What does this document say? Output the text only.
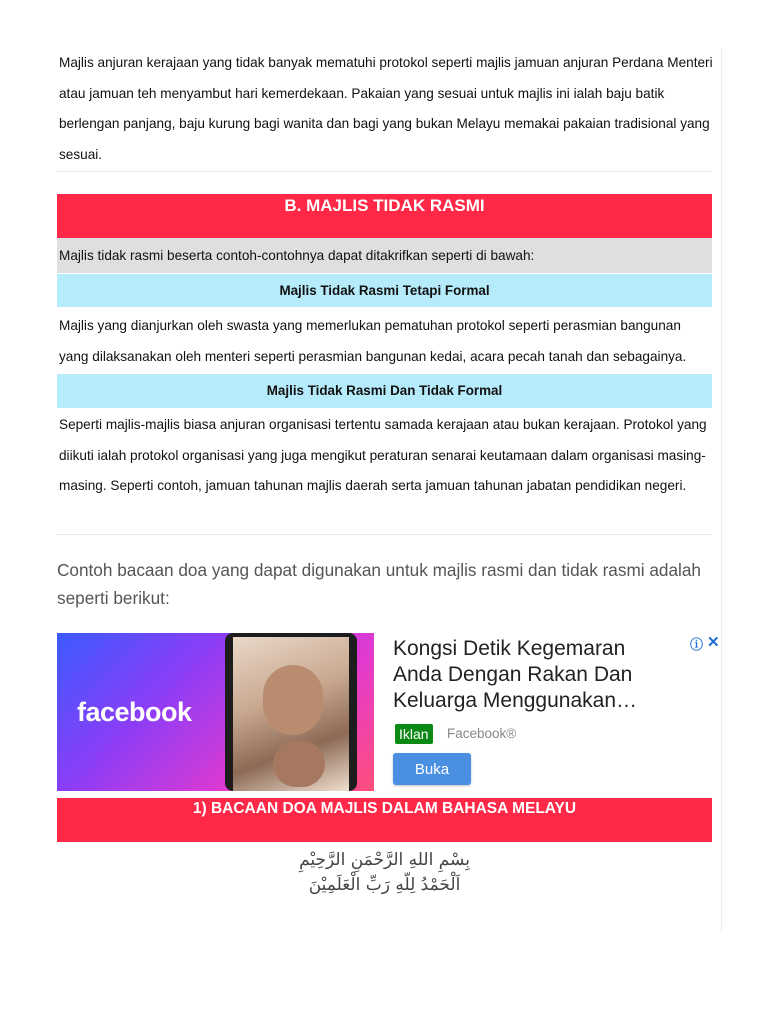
Majlis anjuran kerajaan yang tidak banyak mematuhi protokol seperti majlis jamuan anjuran Perdana Menteri atau jamuan teh menyambut hari kemerdekaan. Pakaian yang sesuai untuk majlis ini ialah baju batik berlengan panjang, baju kurung bagi wanita dan bagi yang bukan Melayu memakai pakaian tradisional yang sesuai.

B. MAJLIS TIDAK RASMI
Majlis tidak rasmi beserta contoh-contohnya dapat ditakrifkan seperti di bawah:
Majlis Tidak Rasmi Tetapi Formal

Majlis yang dianjurkan oleh swasta yang memerlukan pematuhan protokol seperti perasmian bangunan yang dilaksanakan oleh menteri seperti perasmian bangunan kedai, acara pecah tanah dan sebagainya.

Majlis Tidak Rasmi Dan Tidak Formal

Seperti majlis-majlis biasa anjuran organisasi tertentu samada kerajaan atau bukan kerajaan. Protokol yang diikuti ialah protokol organisasi yang juga mengikut peraturan senarai keutamaan dalam organisasi masing-masing. Seperti contoh, jamuan tahunan majlis daerah serta jamuan tahunan jabatan pendidikan negeri.

Contoh bacaan doa yang dapat digunakan untuk majlis rasmi dan tidak rasmi adalah seperti berikut:
facebook
Kongsi Detik Kegemaran Anda Dengan Rakan Dan Keluarga Menggunakan…
Iklan Facebook®
Buka
ⓘ ✕
1) BACAAN DOA MAJLIS DALAM BAHASA MELAYU
بِسْمِ اللهِ الرَّحْمَنِ الرَّحِيْمِ
اَلْحَمْدُ لِلّهِ رَبِّ الْعَلَمِيْنَ
